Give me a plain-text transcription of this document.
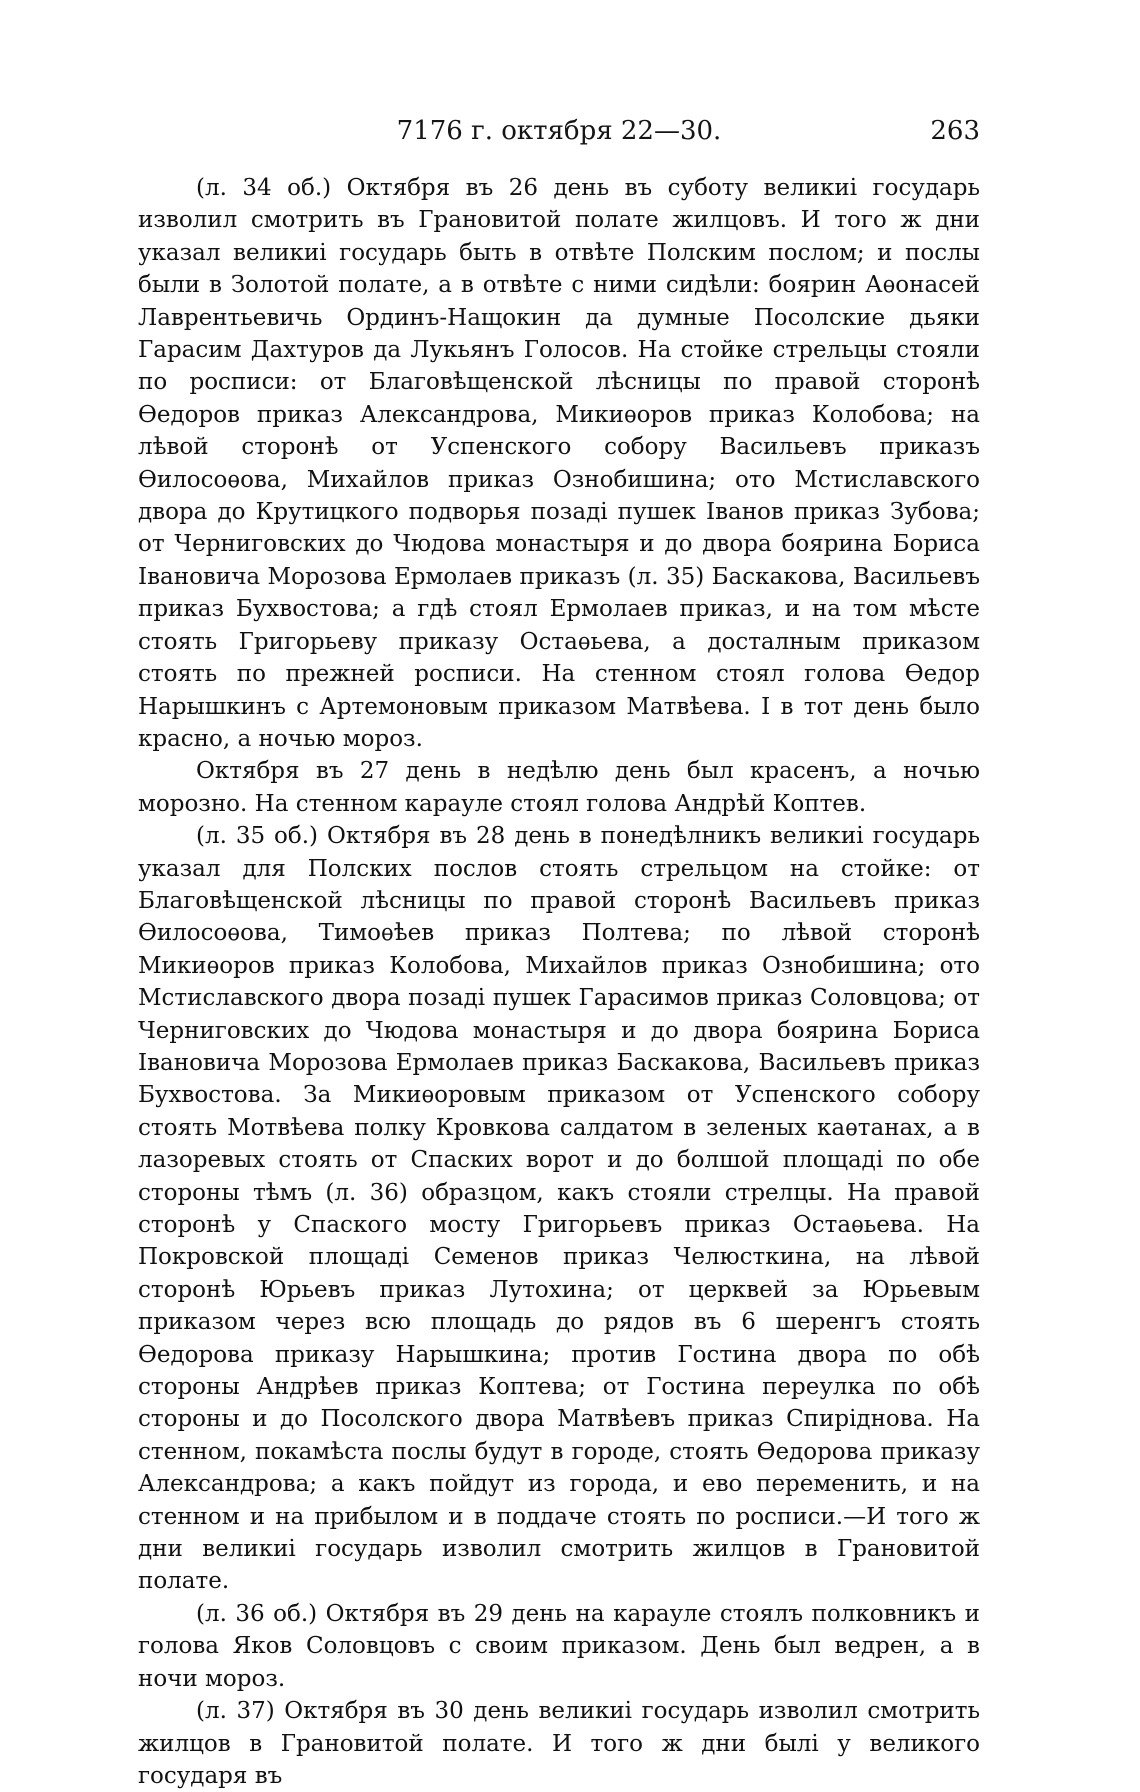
7176 г. октября 22—30.	263

(л. 34 об.) Октября въ 26 день въ суботу великиі государь изволил смотрить въ Грановитой полате жилцовъ. И того ж дни указал великиі государь быть в отвѣте Полским послом; и послы были в Золотой полате, а в отвѣте с ними сидѣли: боярин Аѳонасей Лаврентьевичь Ординъ-Нащокин да думные Посолские дьяки Гарасим Дахтуров да Лукьянъ Голосов. На стойке стрельцы стояли по росписи: от Благовѣщенской лѣсницы по правой сторонѣ Ѳедоров приказ Александрова, Микиѳоров приказ Колобова; на лѣвой сторонѣ от Успенского собору Васильевъ приказъ Ѳилосоѳова, Михайлов приказ Ознобишина; ото Мстиславского двора до Крутицкого подворья позаді пушек Іванов приказ Зубова; от Черниговских до Чюдова монастыря и до двора боярина Бориса Івановича Морозова Ермолаев приказъ (л. 35) Баскакова, Васильевъ приказ Бухвостова; а гдѣ стоял Ермолаев приказ, и на том мѣсте стоять Григорьеву приказу Остаѳьева, а досталным приказом стоять по прежней росписи. На стенном стоял голова Ѳедор Нарышкинъ с Артемоновым приказом Матвѣева. І в тот день было красно, а ночью мороз.

Октября въ 27 день в недѣлю день был красенъ, а ночью морозно. На стенном карауле стоял голова Андрѣй Коптев.

(л. 35 об.) Октября въ 28 день в понедѣлникъ великиі государь указал для Полских послов стоять стрельцом на стойке: от Благовѣщенской лѣсницы по правой сторонѣ Васильевъ приказ Ѳилосоѳова, Тимоѳѣев приказ Полтева; по лѣвой сторонѣ Микиѳоров приказ Колобова, Михайлов приказ Ознобишина; ото Мстиславского двора позаді пушек Гарасимов приказ Соловцова; от Черниговских до Чюдова монастыря и до двора боярина Бориса Івановича Морозова Ермолаев приказ Баскакова, Васильевъ приказ Бухвостова. За Микиѳоровым приказом от Успенского собору стоять Мотвѣева полку Кровкова салдатом в зеленых каѳтанах, а в лазоревых стоять от Спаских ворот и до болшой площаді по обе стороны тѣмъ (л. 36) образцом, какъ стояли стрелцы. На правой сторонѣ у Спаского мосту Григорьевъ приказ Остаѳьева. На Покровской площаді Семенов приказ Челюсткина, на лѣвой сторонѣ Юрьевъ приказ Лутохина; от церквей за Юрьевым приказом через всю площадь до рядов въ 6 шеренгъ стоять Ѳедорова приказу Нарышкина; против Гостина двора по обѣ стороны Андрѣев приказ Коптева; от Гостина переулка по обѣ стороны и до Посолского двора Матвѣевъ приказ Спиріднова. На стенном, покамѣста послы будут в городе, стоять Ѳедорова приказу Александрова; а какъ пойдут из города, и ево переменить, и на стенном и на прибылом и в поддаче стоять по росписи.—И того ж дни великиі государь изволил смотрить жилцов в Грановитой полате.

(л. 36 об.) Октября въ 29 день на карауле стоялъ полковникъ и голова Яков Соловцовъ с своим приказом. День был ведрен, а в ночи мороз.

(л. 37) Октября въ 30 день великиі государь изволил смотрить жилцов в Грановитой полате. И того ж дни былі у великого государя въ
